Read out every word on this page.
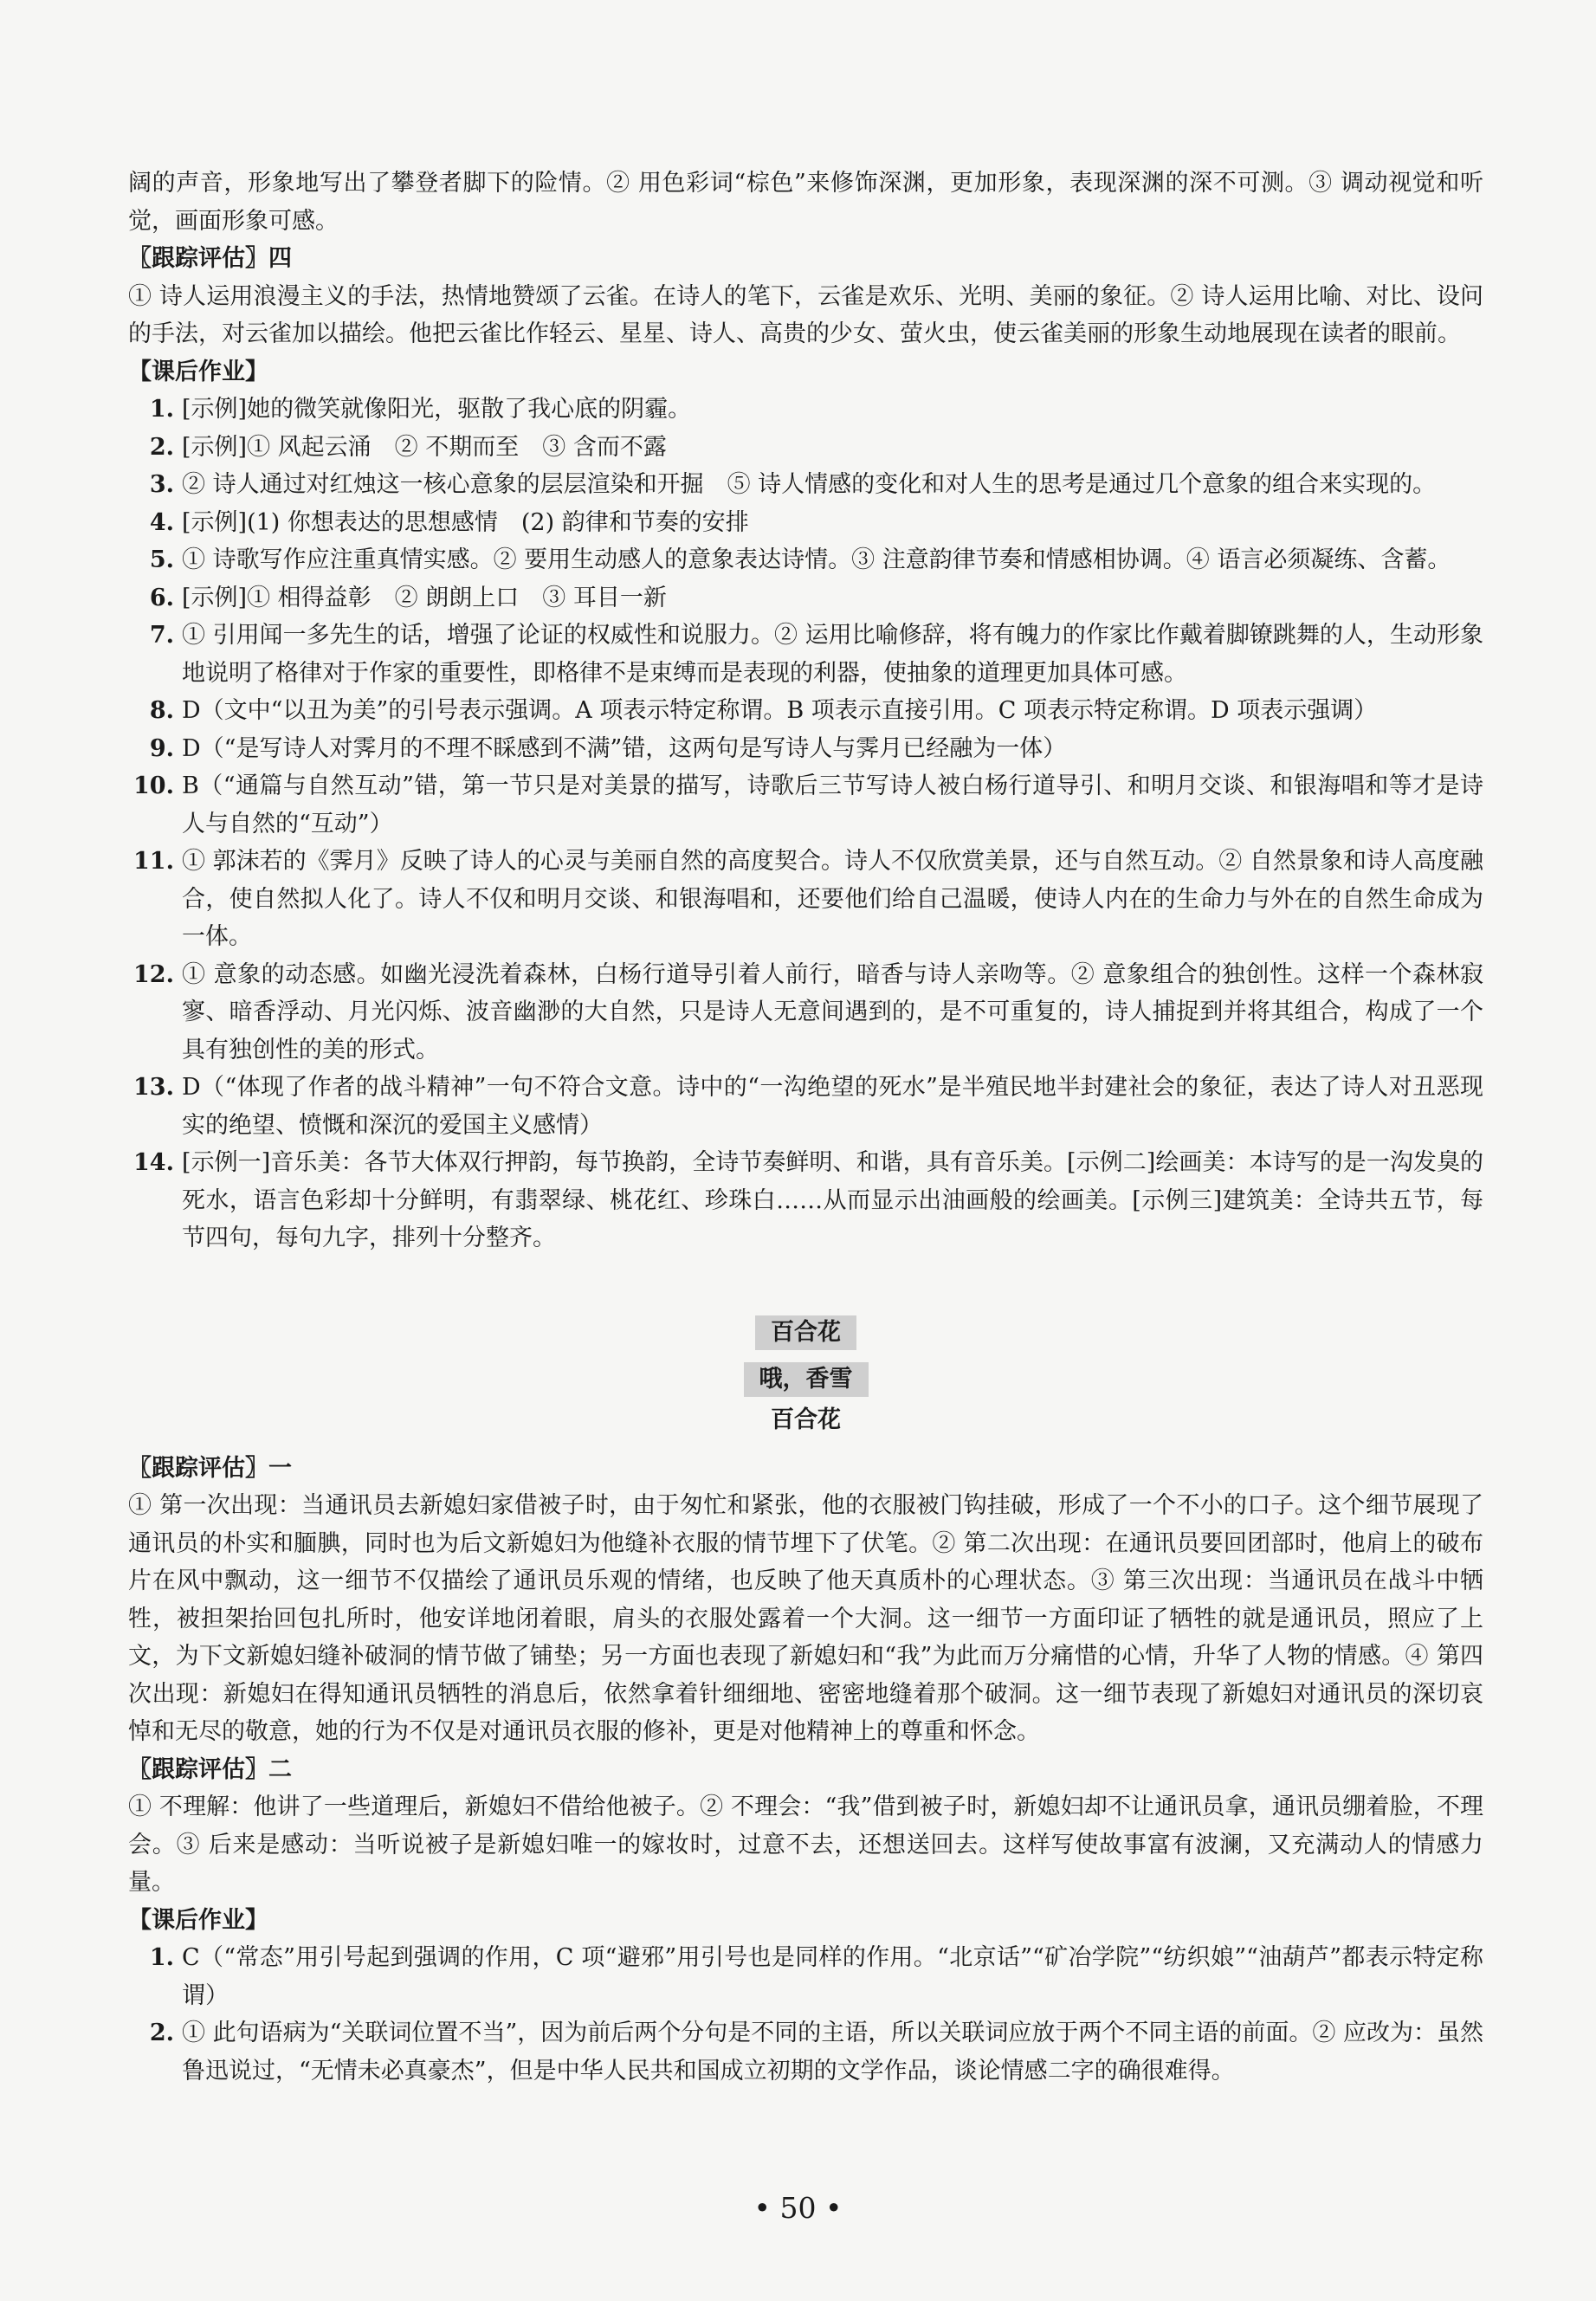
阔的声音，形象地写出了攀登者脚下的险情。② 用色彩词“棕色”来修饰深渊，更加形象，表现深渊的深不可测。③ 调动视觉和听觉，画面形象可感。

〖跟踪评估〗四

① 诗人运用浪漫主义的手法，热情地赞颂了云雀。在诗人的笔下，云雀是欢乐、光明、美丽的象征。② 诗人运用比喻、对比、设问的手法，对云雀加以描绘。他把云雀比作轻云、星星、诗人、高贵的少女、萤火虫，使云雀美丽的形象生动地展现在读者的眼前。

【课后作业】

1. [示例]她的微笑就像阳光，驱散了我心底的阴霾。
2. [示例]① 风起云涌　② 不期而至　③ 含而不露
3. ② 诗人通过对红烛这一核心意象的层层渲染和开掘　⑤ 诗人情感的变化和对人生的思考是通过几个意象的组合来实现的。
4. [示例](1) 你想表达的思想感情　(2) 韵律和节奏的安排
5. ① 诗歌写作应注重真情实感。② 要用生动感人的意象表达诗情。③ 注意韵律节奏和情感相协调。④ 语言必须凝练、含蓄。
6. [示例]① 相得益彰　② 朗朗上口　③ 耳目一新
7. ① 引用闻一多先生的话，增强了论证的权威性和说服力。② 运用比喻修辞，将有魄力的作家比作戴着脚镣跳舞的人，生动形象地说明了格律对于作家的重要性，即格律不是束缚而是表现的利器，使抽象的道理更加具体可感。
8. D（文中“以丑为美”的引号表示强调。A 项表示特定称谓。B 项表示直接引用。C 项表示特定称谓。D 项表示强调）
9. D（“是写诗人对霁月的不理不睬感到不满”错，这两句是写诗人与霁月已经融为一体）
10. B（“通篇与自然互动”错，第一节只是对美景的描写，诗歌后三节写诗人被白杨行道导引、和明月交谈、和银海唱和等才是诗人与自然的“互动”）
11. ① 郭沫若的《霁月》反映了诗人的心灵与美丽自然的高度契合。诗人不仅欣赏美景，还与自然互动。② 自然景象和诗人高度融合，使自然拟人化了。诗人不仅和明月交谈、和银海唱和，还要他们给自己温暖，使诗人内在的生命力与外在的自然生命成为一体。
12. ① 意象的动态感。如幽光浸洗着森林，白杨行道导引着人前行，暗香与诗人亲吻等。② 意象组合的独创性。这样一个森林寂寥、暗香浮动、月光闪烁、波音幽渺的大自然，只是诗人无意间遇到的，是不可重复的，诗人捕捉到并将其组合，构成了一个具有独创性的美的形式。
13. D（“体现了作者的战斗精神”一句不符合文意。诗中的“一沟绝望的死水”是半殖民地半封建社会的象征，表达了诗人对丑恶现实的绝望、愤慨和深沉的爱国主义感情）
14. [示例一]音乐美：各节大体双行押韵，每节换韵，全诗节奏鲜明、和谐，具有音乐美。[示例二]绘画美：本诗写的是一沟发臭的死水，语言色彩却十分鲜明，有翡翠绿、桃花红、珍珠白……从而显示出油画般的绘画美。[示例三]建筑美：全诗共五节，每节四句，每句九字，排列十分整齐。
百合花
哦，香雪
百合花

〖跟踪评估〗一

① 第一次出现：当通讯员去新媳妇家借被子时，由于匆忙和紧张，他的衣服被门钩挂破，形成了一个不小的口子。这个细节展现了通讯员的朴实和腼腆，同时也为后文新媳妇为他缝补衣服的情节埋下了伏笔。② 第二次出现：在通讯员要回团部时，他肩上的破布片在风中飘动，这一细节不仅描绘了通讯员乐观的情绪，也反映了他天真质朴的心理状态。③ 第三次出现：当通讯员在战斗中牺牲，被担架抬回包扎所时，他安详地闭着眼，肩头的衣服处露着一个大洞。这一细节一方面印证了牺牲的就是通讯员，照应了上文，为下文新媳妇缝补破洞的情节做了铺垫；另一方面也表现了新媳妇和“我”为此而万分痛惜的心情，升华了人物的情感。④ 第四次出现：新媳妇在得知通讯员牺牲的消息后，依然拿着针细细地、密密地缝着那个破洞。这一细节表现了新媳妇对通讯员的深切哀悼和无尽的敬意，她的行为不仅是对通讯员衣服的修补，更是对他精神上的尊重和怀念。

〖跟踪评估〗二

① 不理解：他讲了一些道理后，新媳妇不借给他被子。② 不理会：“我”借到被子时，新媳妇却不让通讯员拿，通讯员绷着脸，不理会。③ 后来是感动：当听说被子是新媳妇唯一的嫁妆时，过意不去，还想送回去。这样写使故事富有波澜，又充满动人的情感力量。

【课后作业】

1. C（“常态”用引号起到强调的作用，C 项“避邪”用引号也是同样的作用。“北京话”“矿冶学院”“纺织娘”“油葫芦”都表示特定称谓）
2. ① 此句语病为“关联词位置不当”，因为前后两个分句是不同的主语，所以关联词应放于两个不同主语的前面。② 应改为：虽然鲁迅说过，“无情未必真豪杰”，但是中华人民共和国成立初期的文学作品，谈论情感二字的确很难得。
• 50 •
